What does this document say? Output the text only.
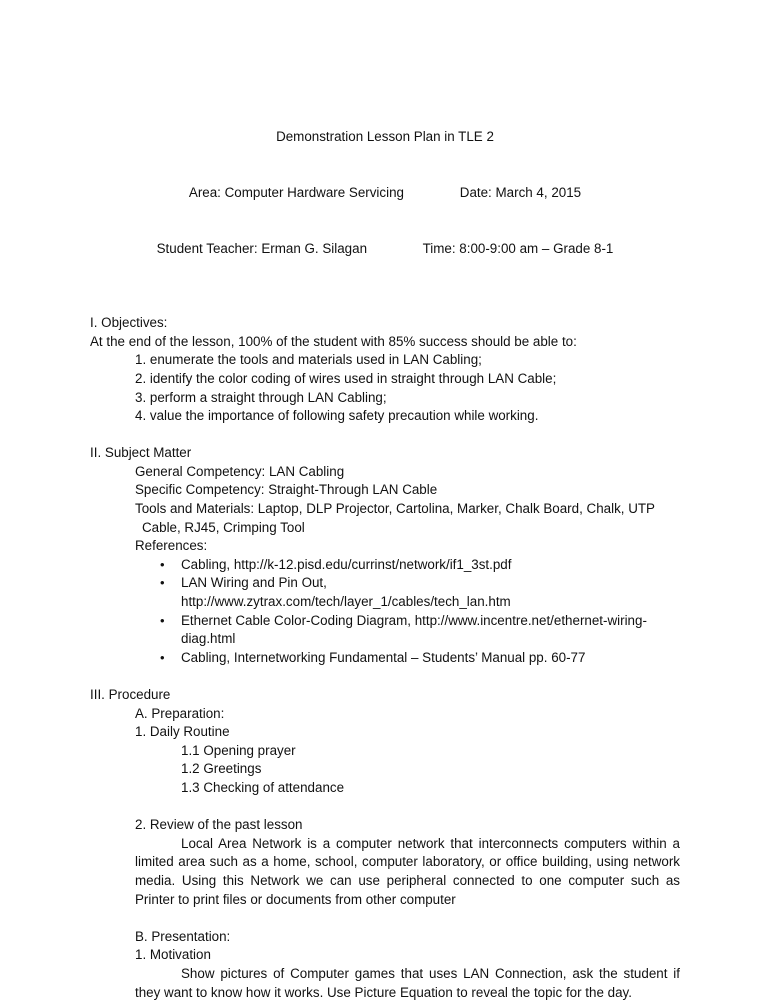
Demonstration Lesson Plan in TLE 2

Area: Computer Hardware Servicing               Date: March 4, 2015

Student Teacher: Erman G. Silagan               Time: 8:00-9:00 am – Grade 8-1

I. Objectives:

At the end of the lesson, 100% of the student with 85% success should be able to:

1. enumerate the tools and materials used in LAN Cabling;

2. identify the color coding of wires used in straight through LAN Cable;

3. perform a straight through LAN Cabling;

4. value the importance of following safety precaution while working.

II. Subject Matter

General Competency: LAN Cabling

Specific Competency: Straight-Through LAN Cable

Tools and Materials: Laptop, DLP Projector, Cartolina, Marker, Chalk Board, Chalk, UTP

Cable, RJ45, Crimping Tool

References:

• Cabling, http://k-12.pisd.edu/currinst/network/if1_3st.pdf
• LAN Wiring and Pin Out,
http://www.zytrax.com/tech/layer_1/cables/tech_lan.htm
• Ethernet Cable Color-Coding Diagram, http://www.incentre.net/ethernet-wiring-
diag.html
• Cabling, Internetworking Fundamental – Students’ Manual pp. 60-77

III. Procedure

A. Preparation:

1. Daily Routine

1.1 Opening prayer

1.2 Greetings

1.3 Checking of attendance

2. Review of the past lesson

Local Area Network is a computer network that interconnects computers within a limited area such as a home, school, computer laboratory, or office building, using network media. Using this Network we can use peripheral connected to one computer such as Printer to print files or documents from other computer

B. Presentation:

1. Motivation

Show pictures of Computer games that uses LAN Connection, ask the student if they want to know how it works. Use Picture Equation to reveal the topic for the day.
